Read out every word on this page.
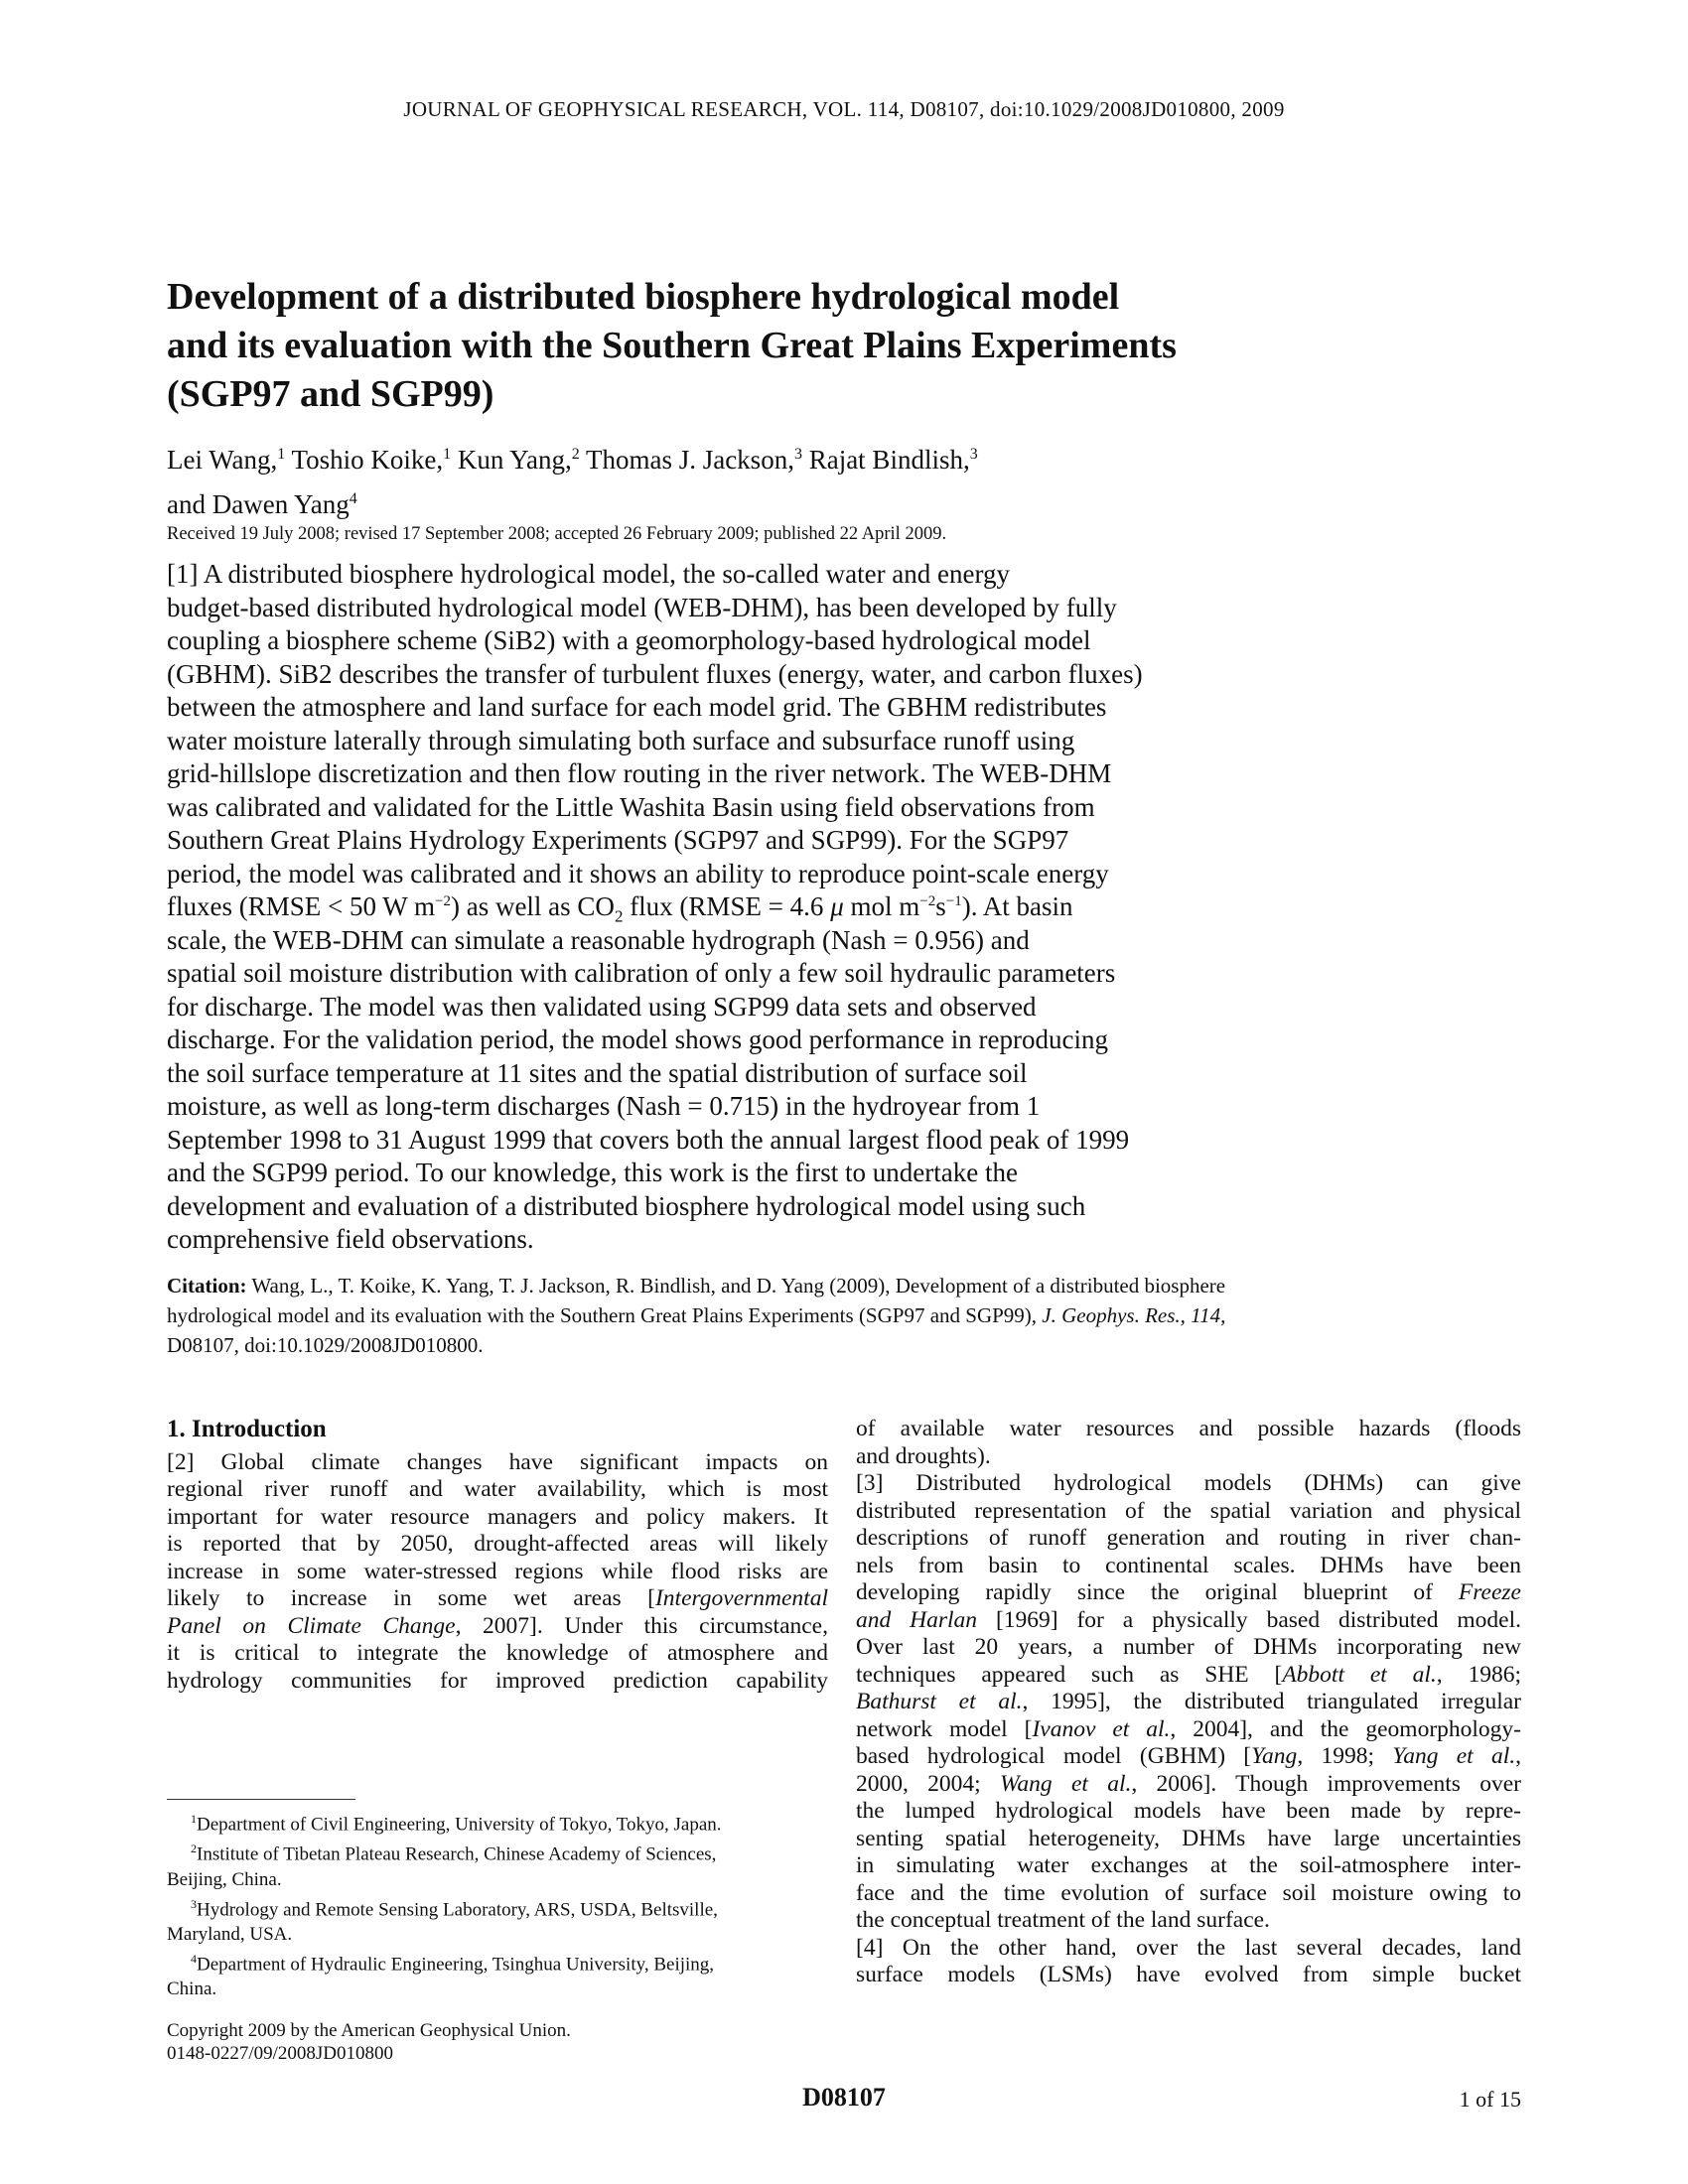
JOURNAL OF GEOPHYSICAL RESEARCH, VOL. 114, D08107, doi:10.1029/2008JD010800, 2009
Development of a distributed biosphere hydrological model
and its evaluation with the Southern Great Plains Experiments
(SGP97 and SGP99)
Lei Wang,$^1$ Toshio Koike,$^1$ Kun Yang,$^2$ Thomas J. Jackson,$^3$ Rajat Bindlish,$^3$
and Dawen Yang$^4$
Received 19 July 2008; revised 17 September 2008; accepted 26 February 2009; published 22 April 2009.
[1] A distributed biosphere hydrological model, the so-called water and energy
budget-based distributed hydrological model (WEB-DHM), has been developed by fully
coupling a biosphere scheme (SiB2) with a geomorphology-based hydrological model
(GBHM). SiB2 describes the transfer of turbulent fluxes (energy, water, and carbon fluxes)
between the atmosphere and land surface for each model grid. The GBHM redistributes
water moisture laterally through simulating both surface and subsurface runoff using
grid-hillslope discretization and then flow routing in the river network. The WEB-DHM
was calibrated and validated for the Little Washita Basin using field observations from
Southern Great Plains Hydrology Experiments (SGP97 and SGP99). For the SGP97
period, the model was calibrated and it shows an ability to reproduce point-scale energy
fluxes (RMSE < 50 W $m^{-2}$) as well as $CO_2$ flux (RMSE = 4.6 μ mol $m^{-2}s^{-1}$). At basin
scale, the WEB-DHM can simulate a reasonable hydrograph (Nash = 0.956) and
spatial soil moisture distribution with calibration of only a few soil hydraulic parameters
for discharge. The model was then validated using SGP99 data sets and observed
discharge. For the validation period, the model shows good performance in reproducing
the soil surface temperature at 11 sites and the spatial distribution of surface soil
moisture, as well as long-term discharges (Nash = 0.715) in the hydroyear from 1
September 1998 to 31 August 1999 that covers both the annual largest flood peak of 1999
and the SGP99 period. To our knowledge, this work is the first to undertake the
development and evaluation of a distributed biosphere hydrological model using such
comprehensive field observations.
Citation: Wang, L., T. Koike, K. Yang, T. J. Jackson, R. Bindlish, and D. Yang (2009), Development of a distributed biosphere
hydrological model and its evaluation with the Southern Great Plains Experiments (SGP97 and SGP99), J. Geophys. Res., 114,
D08107, doi:10.1029/2008JD010800.
1. Introduction
[2] Global climate changes have significant impacts on
regional river runoff and water availability, which is most
important for water resource managers and policy makers. It
is reported that by 2050, drought-affected areas will likely
increase in some water-stressed regions while flood risks are
likely to increase in some wet areas [Intergovernmental
Panel on Climate Change, 2007]. Under this circumstance,
it is critical to integrate the knowledge of atmosphere and
hydrology communities for improved prediction capability
of available water resources and possible hazards (floods
and droughts).
[3] Distributed hydrological models (DHMs) can give
distributed representation of the spatial variation and physical
descriptions of runoff generation and routing in river chan-
nels from basin to continental scales. DHMs have been
developing rapidly since the original blueprint of Freeze
and Harlan [1969] for a physically based distributed model.
Over last 20 years, a number of DHMs incorporating new
techniques appeared such as SHE [Abbott et al., 1986;
Bathurst et al., 1995], the distributed triangulated irregular
network model [Ivanov et al., 2004], and the geomorphology-
based hydrological model (GBHM) [Yang, 1998; Yang et al.,
2000, 2004; Wang et al., 2006]. Though improvements over
the lumped hydrological models have been made by repre-
senting spatial heterogeneity, DHMs have large uncertainties
in simulating water exchanges at the soil-atmosphere inter-
face and the time evolution of surface soil moisture owing to
the conceptual treatment of the land surface.
[4] On the other hand, over the last several decades, land
surface models (LSMs) have evolved from simple bucket
$^1$Department of Civil Engineering, University of Tokyo, Tokyo, Japan.
$^2$Institute of Tibetan Plateau Research, Chinese Academy of Sciences,
Beijing, China.
$^3$Hydrology and Remote Sensing Laboratory, ARS, USDA, Beltsville,
Maryland, USA.
$^4$Department of Hydraulic Engineering, Tsinghua University, Beijing,
China.
Copyright 2009 by the American Geophysical Union.
0148-0227/09/2008JD010800
D08107	1 of 15
